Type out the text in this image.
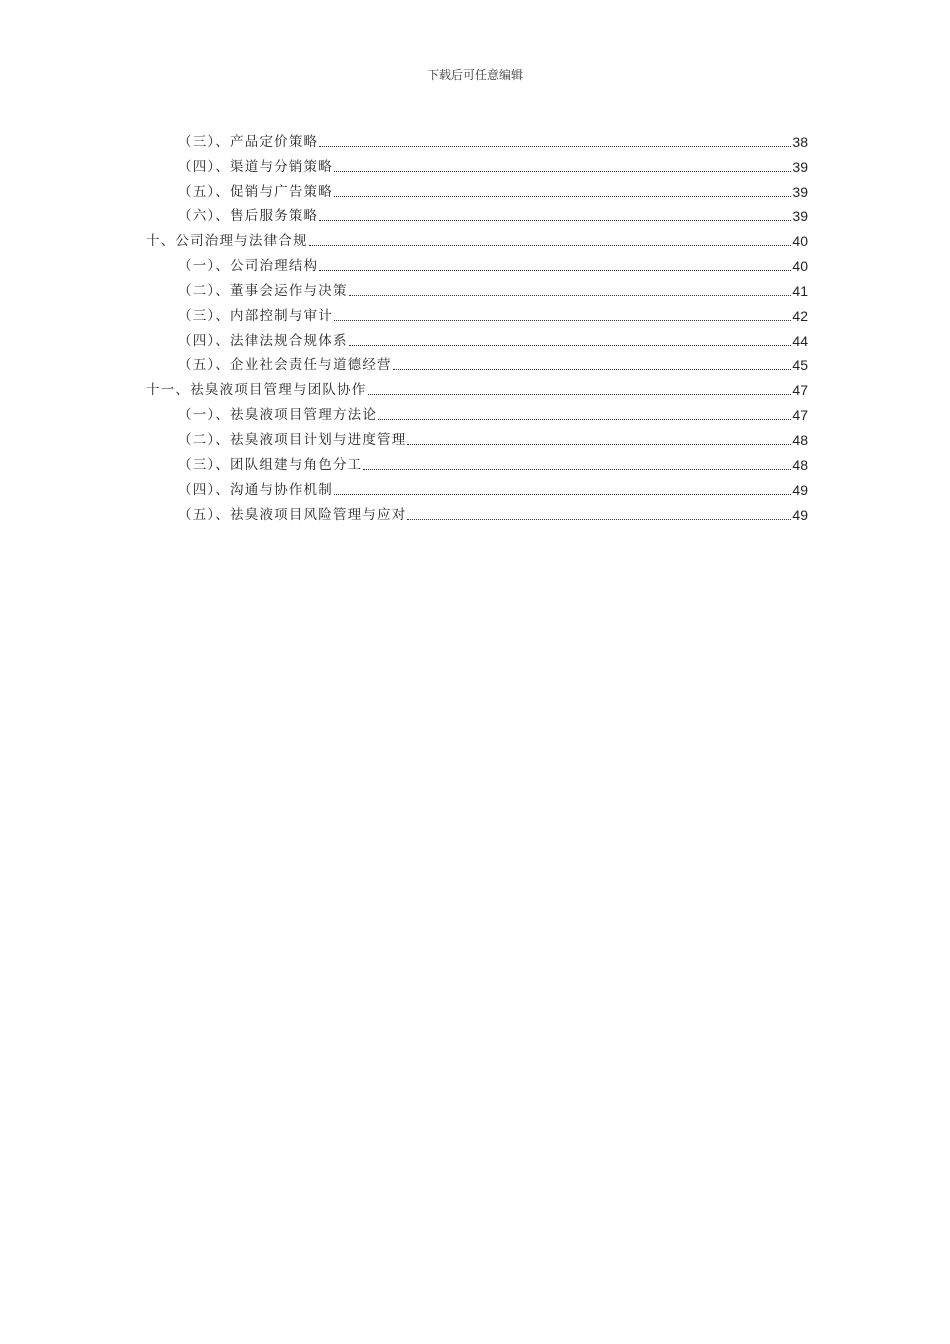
下载后可任意编辑
（三）、产品定价策略	38
（四）、渠道与分销策略	39
（五）、促销与广告策略	39
（六）、售后服务策略	39
十、公司治理与法律合规	40
（一）、公司治理结构	40
（二）、董事会运作与决策	41
（三）、内部控制与审计	42
（四）、法律法规合规体系	44
（五）、企业社会责任与道德经营	45
十一、祛臭液项目管理与团队协作	47
（一）、祛臭液项目管理方法论	47
（二）、祛臭液项目计划与进度管理	48
（三）、团队组建与角色分工	48
（四）、沟通与协作机制	49
（五）、祛臭液项目风险管理与应对	49
